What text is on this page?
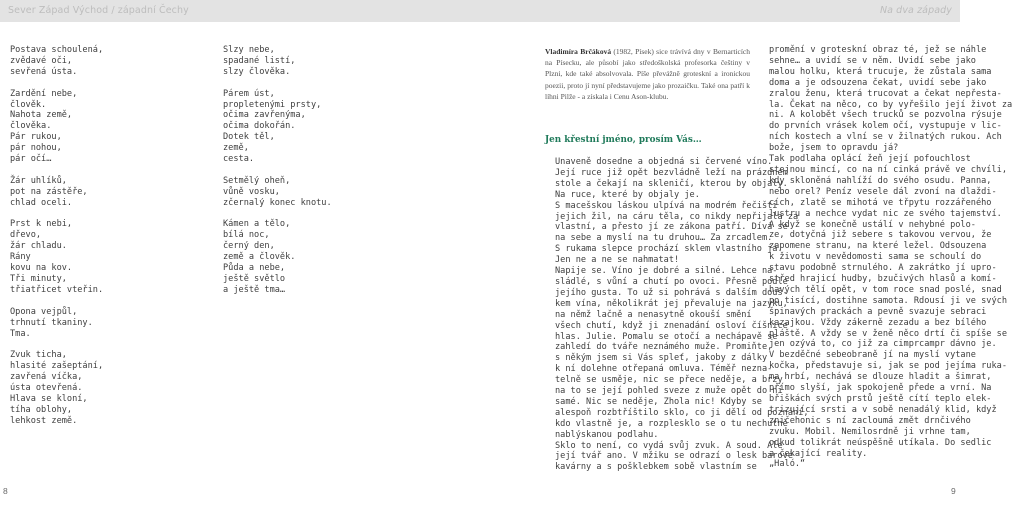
Sever Západ Východ / západní Čechy	Na dva západy
Postava schoulená,
zvědavé oči,
sevřená ústa.
Zardění nebe,
člověk.
Nahota země,
člověka.
Pár rukou,
pár nohou,
pár očí…
Žár uhlíků,
pot na zástěře,
chlad oceli.
Prst k nebi,
dřevo,
žár chladu.
Rány
kovu na kov.
Tři minuty,
třiatřicet vteřin.
Opona vejpůl,
trhnutí tkaniny.
Tma.
Zvuk ticha,
hlasité zašeptání,
zavřená víčka,
ústa otevřená.
Hlava se kloní,
tíha oblohy,
lehkost země.
Slzy nebe,
spadané listí,
slzy člověka.
Párem úst,
propletenými prsty,
očima zavřenýma,
očima dokořán.
Dotek těl,
země,
cesta.
Setmělý oheň,
vůně vosku,
zčernalý konec knotu.
Kámen a tělo,
bílá noc,
černý den,
země a člověk.
Půda a nebe,
ještě světlo
a ještě tma…
Vladimíra Brčáková (1982, Písek) sice trávívá dny v Bernarticích na Písecku, ale působí jako středoškolská profesorka češtiny v Plzni, kde také absolvovala. Píše převážně groteskní a ironickou poezii, proto jí nyní představujeme jako prozaičku. Také ona patří k líhni Pilže - a získala i Cenu Ason-klubu.
Jen křestní jméno, prosím Vás…
Unaveně dosedne a objedná si červené víno.
Její ruce již opět bezvládně leží na prázdném
stole a čekají na skleničí, kterou by objaly.
Na ruce, které by objaly je.
S macešskou láskou ulpívá na modrém řečišti
jejich žil, na cáru těla, co nikdy nepřijala za
vlastní, a přesto jí ze zákona patří. Dívá se
na sebe a myslí na tu druhou… Za zrcadlem.
S rukama slepce prochází sklem vlastního já.
Jen ne a ne se nahmatat!
Napije se. Víno je dobré a silné. Lehce na-
sládlé, s vůní a chutí po ovoci. Přesně podle
jejího gusta. To už si pohrává s dalším douš-
kem vína, několikrát jej převaluje na jazyku,
na němž lačně a nenasytně okouší smění
všech chutí, když ji znenadání osloví číšnice
hlas. Julie. Pomalu se otočí a nechápavě se
zahledí do tváře neznámého muže. Promiňte,
s někým jsem si Vás spleť, jakoby z dálky
k ní dolehne otřepaná omluva. Téměř nezna-
telně se usměje, nic se přece neděje, a brzy
na to se její pohled svezе z muže opět do ni
samé. Nic se neděje, Zhola nic! Kdyby se
alespoň rozbtříštilo sklo, co ji dělí od poznání,
kdo vlastně je, a rozplesklo se o tu nechutně
nablýskanou podlahu.
Sklo to není, co vydá svůj zvuk. A soud. Ale
její tvář ano. V mžiku se odrazí o lesk barové
kavárny a s pošklebkem sobě vlastním se
promění v groteskní obraz té, jež se náhle
sehne… a uvidí se v něm. Uvidí sebe jako
malou holku, která trucuje, že zůstala sama
doma a je odsouzena čekat, uvidí sebe jako
zralou ženu, která trucovat a čekat nepřesta-
la. Čekat na něco, co by vyřešilo její život za
ni. A kolobět všech trucků se pozvolna rýsuje
do prvních vrásek kolem očí, vystupuje v lic-
ních kostech a vlní se v žilnatých rukou. Ach
bože, jsem to opravdu já?
Tak podlaha oplácí žeň její pofouchlost
stejnou mincí, co na ní cinká právě ve chvíli,
kdy skloněná nahlíží do svého osudu. Panna,
nebo orel? Peníz vesele dál zvoní na dlaždi-
cích, zlatě se mihotá ve třpytu rozzářeného
lustru a nechce vydat nic ze svého tajemství.
A když se konečně ustálí v nehybné polo-
ze, dotyčná již sebere s takovou vervou, že
zapomene stranu, na které ležel. Odsouzena
k životu v nevědomosti sama se schoulí do
stavu podobně strnulého. A zakrátko jí upro-
střed hrajicí hudby, bzučivých hlasů a komí-
havých tělí opět, v tom roce snad poslé, snad
po tisící, dostihne samota. Rdousí ji ve svých
špinavých prackách a pevně svazuje sebraci
kazajkou. Vždy zákerně zezadu a bez bílého
pláště. A vždy se v ženě něco drtí či spíše se
jen ozývá to, co již za cimprcampr dávno je.
V bezděčné sebeobraně jí na myslí vytane
kočka, představuje si, jak se pod jejíma ruka-
ma hrbí, nechává se dlouze hladit a šimrat,
přímo slyší, jak spokojeně přede a vrní. Na
břiškách svých prstů ještě cítí teplo elek-
trizující srsti a v sobě nenadálý klid, když
zničehonic s ní zacloumá změt drnčivého
zvuku. Mobil. Nemilosrdně ji vrhne tam,
odkud tolikrát neúspěšně utíkala. Do sedlic
a čekající reality.
„Haló.“
8	9
